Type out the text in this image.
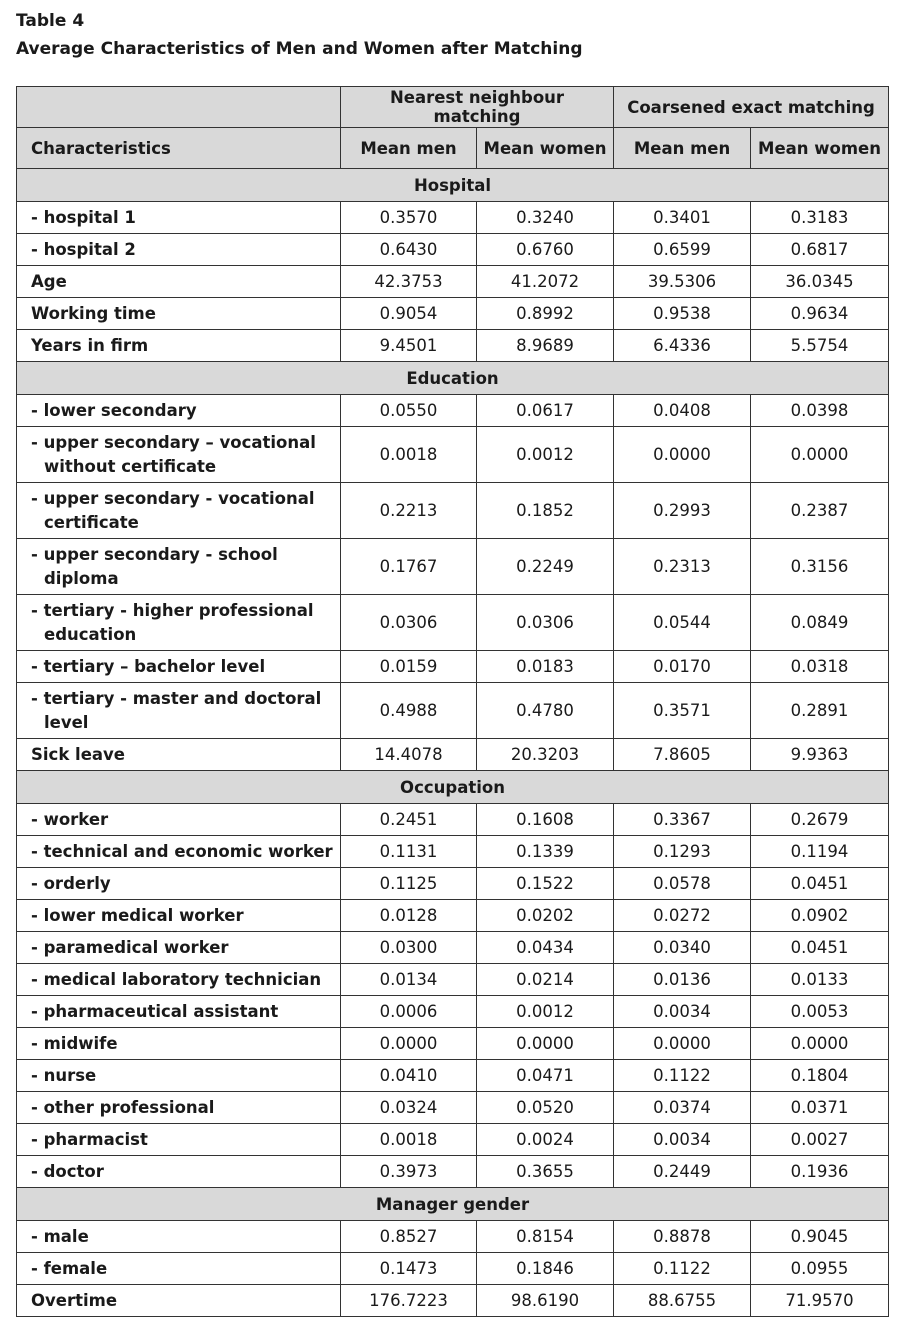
Table 4
Average Characteristics of Men and Women after Matching
	Nearest neighbour matching		Coarsened exact matching	
Characteristics	Mean men	Mean women	Mean men	Mean women
Hospital				
- hospital 1	0.3570	0.3240	0.3401	0.3183
- hospital 2	0.6430	0.6760	0.6599	0.6817
Age	42.3753	41.2072	39.5306	36.0345
Working time	0.9054	0.8992	0.9538	0.9634
Years in firm	9.4501	8.9689	6.4336	5.5754
Education				
- lower secondary	0.0550	0.0617	0.0408	0.0398
- upper secondary – vocational without certificate	0.0018	0.0012	0.0000	0.0000
- upper secondary - vocational certificate	0.2213	0.1852	0.2993	0.2387
- upper secondary - school diploma	0.1767	0.2249	0.2313	0.3156
- tertiary - higher professional education	0.0306	0.0306	0.0544	0.0849
- tertiary – bachelor level	0.0159	0.0183	0.0170	0.0318
- tertiary - master and doctoral level	0.4988	0.4780	0.3571	0.2891
Sick leave	14.4078	20.3203	7.8605	9.9363
Occupation				
- worker	0.2451	0.1608	0.3367	0.2679
- technical and economic worker	0.1131	0.1339	0.1293	0.1194
- orderly	0.1125	0.1522	0.0578	0.0451
- lower medical worker	0.0128	0.0202	0.0272	0.0902
- paramedical worker	0.0300	0.0434	0.0340	0.0451
- medical laboratory technician	0.0134	0.0214	0.0136	0.0133
- pharmaceutical assistant	0.0006	0.0012	0.0034	0.0053
- midwife	0.0000	0.0000	0.0000	0.0000
- nurse	0.0410	0.0471	0.1122	0.1804
- other professional	0.0324	0.0520	0.0374	0.0371
- pharmacist	0.0018	0.0024	0.0034	0.0027
- doctor	0.3973	0.3655	0.2449	0.1936
Manager gender				
- male	0.8527	0.8154	0.8878	0.9045
- female	0.1473	0.1846	0.1122	0.0955
Overtime	176.7223	98.6190	88.6755	71.9570
